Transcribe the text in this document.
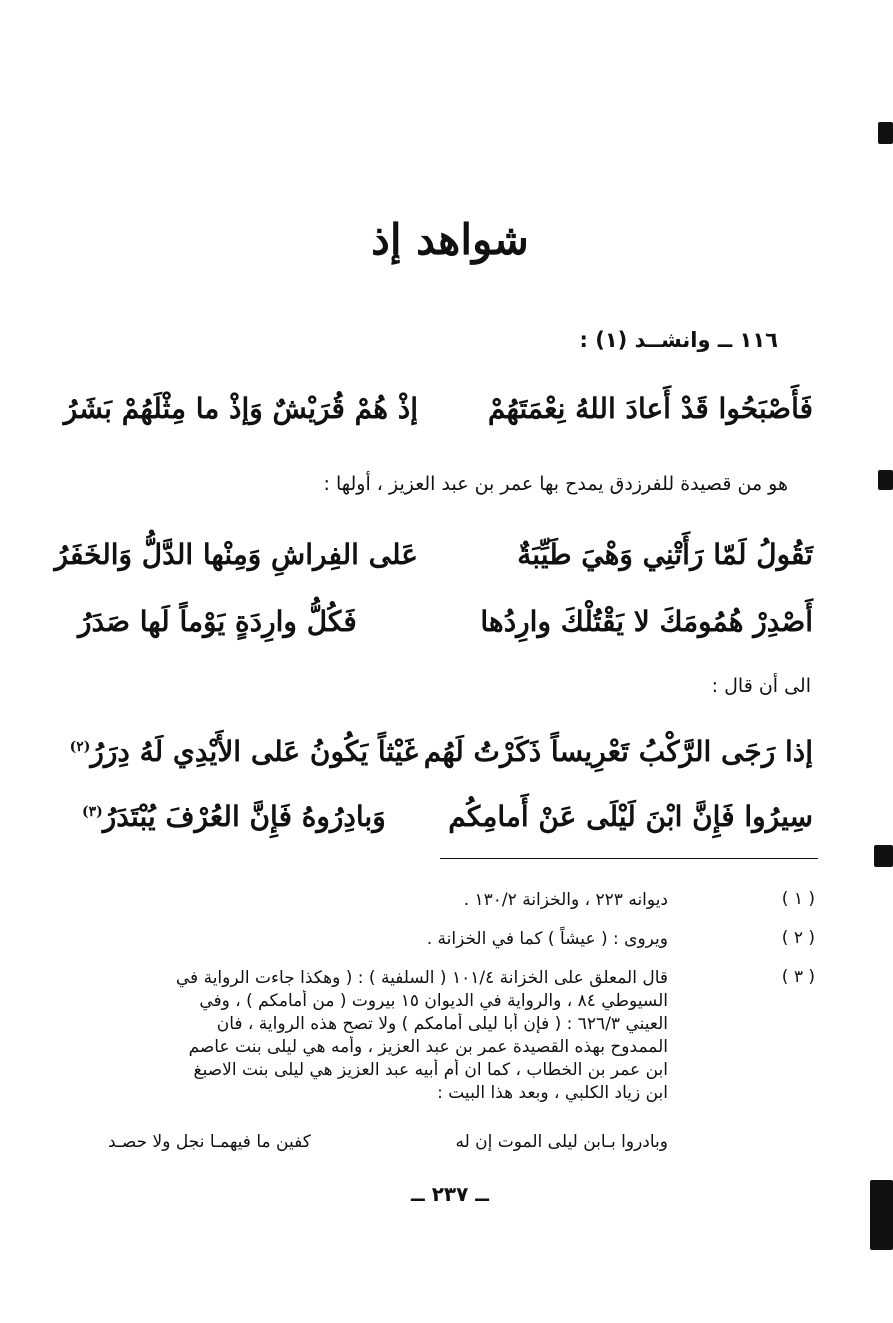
شواهد إذ
١١٦ ــ وانشــد (١) :
فَأَصْبَحُوا قَدْ أَعادَ اللهُ نِعْمَتَهُمْ
إذْ هُمْ قُرَيْشٌ وَإذْ ما مِثْلَهُمْ بَشَرُ
هو من قصيدة للفرزدق يمدح بها عمر بن عبد العزيز ، أولها :
تَقُولُ لَمّا رَأَتْنِي وَهْيَ طَيِّبَةٌ
عَلى الفِراشِ وَمِنْها الدَّلُّ وَالخَفَرُ
أَصْدِرْ هُمُومَكَ لا يَقْتُلْكَ وارِدُها
فَكُلُّ وارِدَةٍ يَوْماً لَها صَدَرُ
الى أن قال :
إذا رَجَى الرَّكْبُ تَعْرِيساً ذَكَرْتُ لَهُم
غَيْثاً يَكُونُ عَلى الأَيْدِي لَهُ دِرَرُ$^{(٢)}$
سِيرُوا فَإِنَّ ابْنَ لَيْلَى عَنْ أَمامِكُم
وَبادِرُوهُ فَإِنَّ العُرْفَ يُبْتَدَرُ$^{(٣)}$
( ١ )
ديوانه ٢٢٣ ، والخزانة ١٣٠/٢ .
( ٢ )
ويروى : ( عيشاً ) كما في الخزانة .
( ٣ )
قال المعلق على الخزانة ١٠١/٤ ( السلفية ) : ( وهكذا جاءت الرواية في
السيوطي ٨٤ ، والرواية في الديوان ١٥ بيروت ( من أمامكم ) ، وفي
العيني ٦٢٦/٣ : ( فإن أبا ليلى أمامكم ) ولا تصح هذه الرواية ، فان
الممدوح بهذه القصيدة عمر بن عبد العزيز ، وأمه هي ليلى بنت عاصم
ابن عمر بن الخطاب ، كما ان أم أبيه عبد العزيز هي ليلى بنت الاصبغ
ابن زياد الكلبي ، وبعد هذا البيت :
وبادروا بـابن ليلى الموت إن له
كفين ما فيهمـا نجل ولا حصـد
ــ ٢٣٧ ــ
